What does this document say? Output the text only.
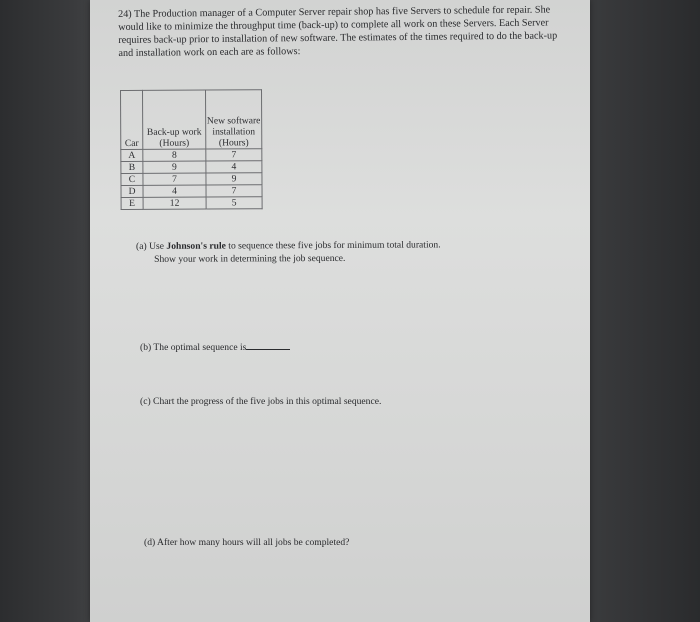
24) The Production manager of a Computer Server repair shop has five Servers to schedule for repair. She would like to minimize the throughput time (back-up) to complete all work on these Servers. Each Server requires back-up prior to installation of new software. The estimates of the times required to do the back-up and installation work on each are as follows:
Car	Back-up work (Hours)	New software installation (Hours)
A	8	7
B	9	4
C	7	9
D	4	7
E	12	5
(a) Use Johnson's rule to sequence these five jobs for minimum total duration.
Show your work in determining the job sequence.
(b) The optimal sequence is
(c) Chart the progress of the five jobs in this optimal sequence.
(d) After how many hours will all jobs be completed?
